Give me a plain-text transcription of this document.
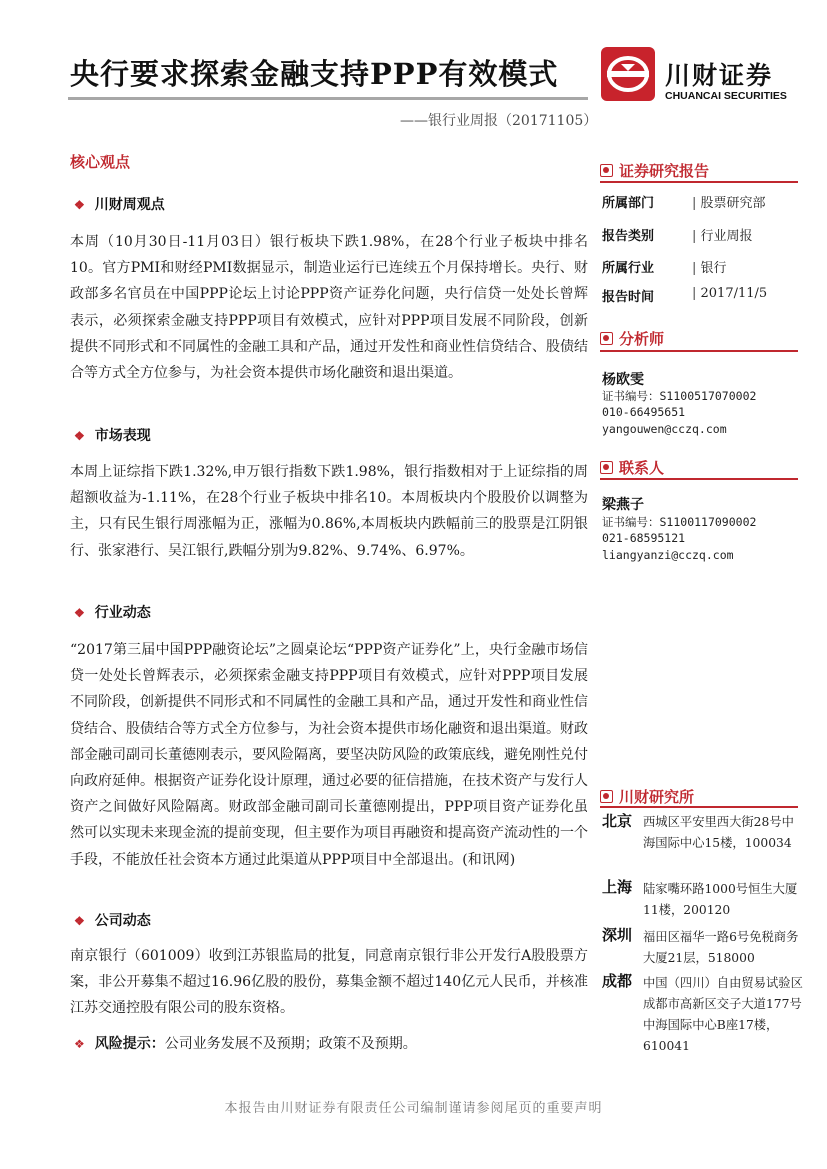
央行要求探索金融支持PPP有效模式
——银行业周报（20171105）
川财证券
CHUANCAI SECURITIES
核心观点
❖ 川财周观点
本周（10月30日-11月03日）银行板块下跌1.98%，在28个行业子板块中排名10。官方PMI和财经PMI数据显示，制造业运行已连续五个月保持增长。央行、财政部多名官员在中国PPP论坛上讨论PPP资产证券化问题，央行信贷一处处长曾辉表示，必须探索金融支持PPP项目有效模式，应针对PPP项目发展不同阶段，创新提供不同形式和不同属性的金融工具和产品，通过开发性和商业性信贷结合、股债结合等方式全方位参与，为社会资本提供市场化融资和退出渠道。
❖ 市场表现
本周上证综指下跌1.32%,申万银行指数下跌1.98%，银行指数相对于上证综指的周超额收益为-1.11%，在28个行业子板块中排名10。本周板块内个股股价以调整为主，只有民生银行周涨幅为正，涨幅为0.86%,本周板块内跌幅前三的股票是江阴银行、张家港行、吴江银行,跌幅分别为9.82%、9.74%、6.97%。
❖ 行业动态
“2017第三届中国PPP融资论坛”之圆桌论坛“PPP资产证券化”上，央行金融市场信贷一处处长曾辉表示，必须探索金融支持PPP项目有效模式，应针对PPP项目发展不同阶段，创新提供不同形式和不同属性的金融工具和产品，通过开发性和商业性信贷结合、股债结合等方式全方位参与，为社会资本提供市场化融资和退出渠道。财政部金融司副司长董德刚表示，要风险隔离，要坚决防风险的政策底线，避免刚性兑付向政府延伸。根据资产证券化设计原理，通过必要的征信措施，在技术资产与发行人资产之间做好风险隔离。财政部金融司副司长董德刚提出，PPP项目资产证券化虽然可以实现未来现金流的提前变现，但主要作为项目再融资和提高资产流动性的一个手段，不能放任社会资本方通过此渠道从PPP项目中全部退出。(和讯网)
❖ 公司动态
南京银行（601009）收到江苏银监局的批复，同意南京银行非公开发行A股股票方案，非公开募集不超过16.96亿股的股份，募集金额不超过140亿元人民币，并核准江苏交通控股有限公司的股东资格。
❖ 风险提示：公司业务发展不及预期；政策不及预期。
证券研究报告
所属部门	| 股票研究部
报告类别	| 行业周报
所属行业	| 银行
报告时间	| 2017/11/5
分析师
杨欧雯
证书编号：S1100517070002
010-66495651
yangouwen@cczq.com
联系人
梁燕子
证书编号：S1100117090002
021-68595121
liangyanzi@cczq.com
川财研究所
北京 西城区平安里西大街28号中海国际中心15楼，100034
上海 陆家嘴环路1000号恒生大厦11楼，200120
深圳 福田区福华一路6号免税商务大厦21层，518000
成都 中国（四川）自由贸易试验区成都市高新区交子大道177号中海国际中心B座17楼，610041
本报告由川财证券有限责任公司编制谨请参阅尾页的重要声明
